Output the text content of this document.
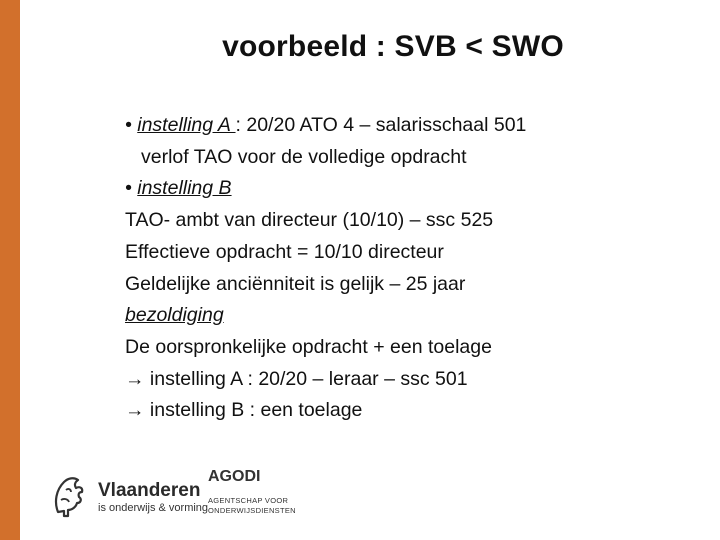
voorbeeld : SVB < SWO
• instelling A : 20/20 ATO 4 – salarisschaal 501
verlof TAO voor de volledige opdracht
• instelling B
TAO- ambt van directeur (10/10) – ssc 525
Effectieve opdracht = 10/10 directeur
Geldelijke anciënniteit is gelijk – 25 jaar
bezoldiging
De oorspronkelijke opdracht + een toelage
→ instelling A : 20/20 – leraar – ssc 501
→ instelling B : een toelage
Vlaanderen
is onderwijs & vorming
AGODI
AGENTSCHAP VOOR
ONDERWIJSDIENSTEN
